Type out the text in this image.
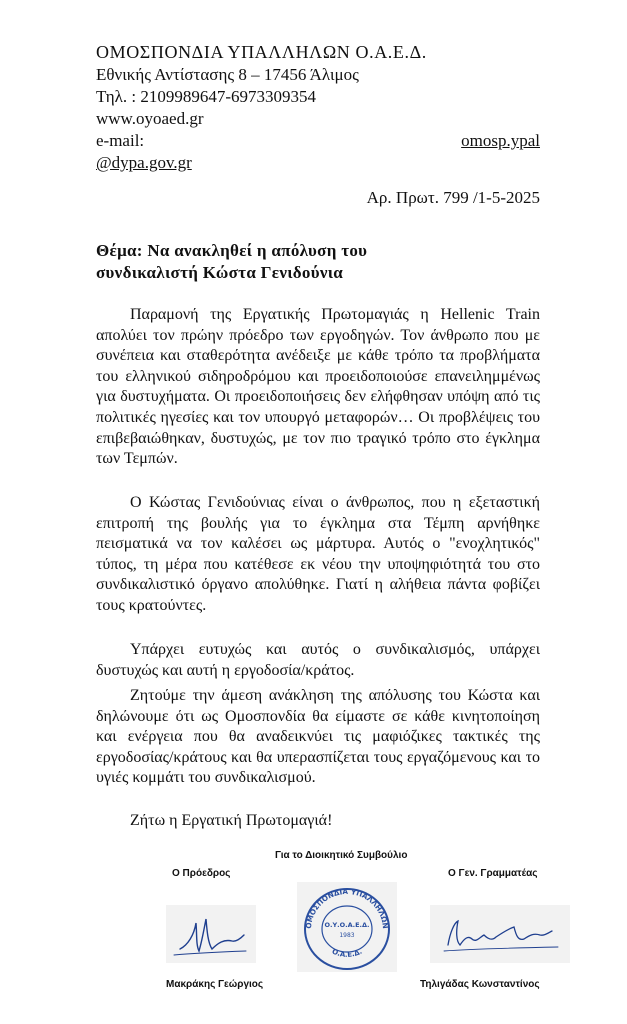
ΟΜΟΣΠΟΝΔΙΑ ΥΠΑΛΛΗΛΩΝ Ο.Α.Ε.Δ.
Εθνικής Αντίστασης 8 – 17456 Άλιμος
Τηλ. : 2109989647-6973309354
www.oyoaed.gr
e-mail:	omosp.ypal
@dypa.gov.gr
Αρ. Πρωτ. 799 /1-5-2025
Θέμα: Να ανακληθεί η απόλυση του
συνδικαλιστή Κώστα Γενιδούνια

Παραμονή της Εργατικής Πρωτομαγιάς η Hellenic Train απολύει τον πρώην πρόεδρο των εργοδηγών. Τον άνθρωπο που με συνέπεια και σταθερότητα ανέδειξε με κάθε τρόπο τα προβλήματα του ελληνικού σιδηροδρόμου και προειδοποιούσε επανειλημμένως για δυστυχήματα. Οι προειδοποιήσεις δεν ελήφθησαν υπόψη από τις πολιτικές ηγεσίες και τον υπουργό μεταφορών… Οι προβλέψεις του επιβεβαιώθηκαν, δυστυχώς, με τον πιο τραγικό τρόπο στο έγκλημα των Τεμπών.

Ο Κώστας Γενιδούνιας είναι ο άνθρωπος, που η εξεταστική επιτροπή της βουλής για το έγκλημα στα Τέμπη αρνήθηκε πεισματικά να τον καλέσει ως μάρτυρα. Αυτός ο "ενοχλητικός" τύπος, τη μέρα που κατέθεσε εκ νέου την υποψηφιότητά του στο συνδικαλιστικό όργανο απολύθηκε. Γιατί η αλήθεια πάντα φοβίζει τους κρατούντες.

Υπάρχει ευτυχώς και αυτός ο συνδικαλισμός, υπάρχει δυστυχώς και αυτή η εργοδοσία/κράτος.

Ζητούμε την άμεση ανάκληση της απόλυσης του Κώστα και δηλώνουμε ότι ως Ομοσπονδία θα είμαστε σε κάθε κινητοποίηση και ενέργεια που θα αναδεικνύει τις μαφιόζικες τακτικές της εργοδοσίας/κράτους και θα υπερασπίζεται τους εργαζόμενους και το υγιές κομμάτι του συνδικαλισμού.

Ζήτω η Εργατική Πρωτομαγιά!
Για το Διοικητικό Συμβούλιο
Ο Πρόεδρος	Ο Γεν. Γραμματέας
ΟΜΟΣΠΟΝΔΙΑ ΥΠΑΛΛΗΛΩΝ
Ο.Υ.Ο.Α.Ε.Δ.
1983
Ο.Α.Ε.Δ.
Μακράκης Γεώργιος	Τηλιγάδας Κωνσταντίνος
